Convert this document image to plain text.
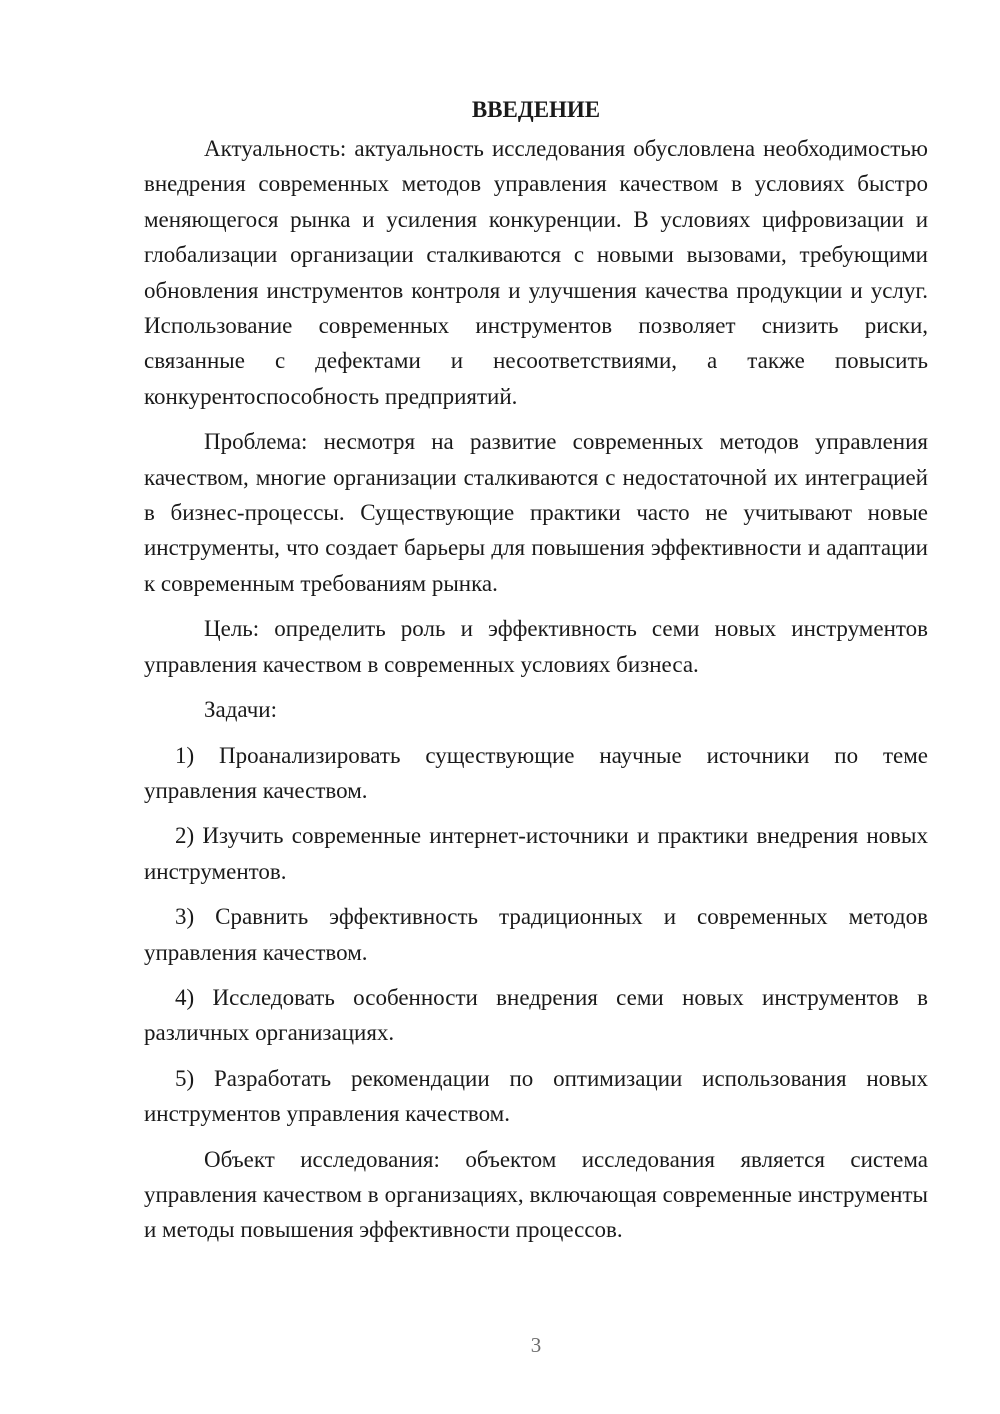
ВВЕДЕНИЕ

Актуальность: актуальность исследования обусловлена необходимостью внедрения современных методов управления качеством в условиях быстро меняющегося рынка и усиления конкуренции. В условиях цифровизации и глобализации организации сталкиваются с новыми вызовами, требующими обновления инструментов контроля и улучшения качества продукции и услуг. Использование современных инструментов позволяет снизить риски, связанные с дефектами и несоответствиями, а также повысить конкурентоспособность предприятий.

Проблема: несмотря на развитие современных методов управления качеством, многие организации сталкиваются с недостаточной их интеграцией в бизнес-процессы. Существующие практики часто не учитывают новые инструменты, что создает барьеры для повышения эффективности и адаптации к современным требованиям рынка.

Цель: определить роль и эффективность семи новых инструментов управления качеством в современных условиях бизнеса.

Задачи:

1) Проанализировать существующие научные источники по теме управления качеством.

2) Изучить современные интернет-источники и практики внедрения новых инструментов.

3) Сравнить эффективность традиционных и современных методов управления качеством.

4) Исследовать особенности внедрения семи новых инструментов в различных организациях.

5) Разработать рекомендации по оптимизации использования новых инструментов управления качеством.

Объект исследования: объектом исследования является система управления качеством в организациях, включающая современные инструменты и методы повышения эффективности процессов.

3
